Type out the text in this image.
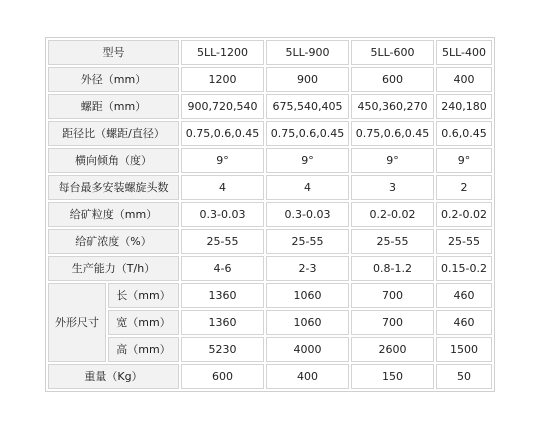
型号		5LL-1200	5LL-900	5LL-600	5LL-400
外径（mm）		1200	900	600	400
螺距（mm）		900,720,540	675,540,405	450,360,270	240,180
距径比（螺距/直径）		0.75,0.6,0.45	0.75,0.6,0.45	0.75,0.6,0.45	0.6,0.45
横向倾角（度）		9°	9°	9°	9°
每台最多安装螺旋头数		4	4	3	2
给矿粒度（mm）		0.3-0.03	0.3-0.03	0.2-0.02	0.2-0.02
给矿浓度（%）		25-55	25-55	25-55	25-55
生产能力（T/h）		4-6	2-3	0.8-1.2	0.15-0.2
外形尺寸	长（mm）	1360	1060	700	460
	宽（mm）	1360	1060	700	460
	高（mm）	5230	4000	2600	1500
重量（Kg）		600	400	150	50
